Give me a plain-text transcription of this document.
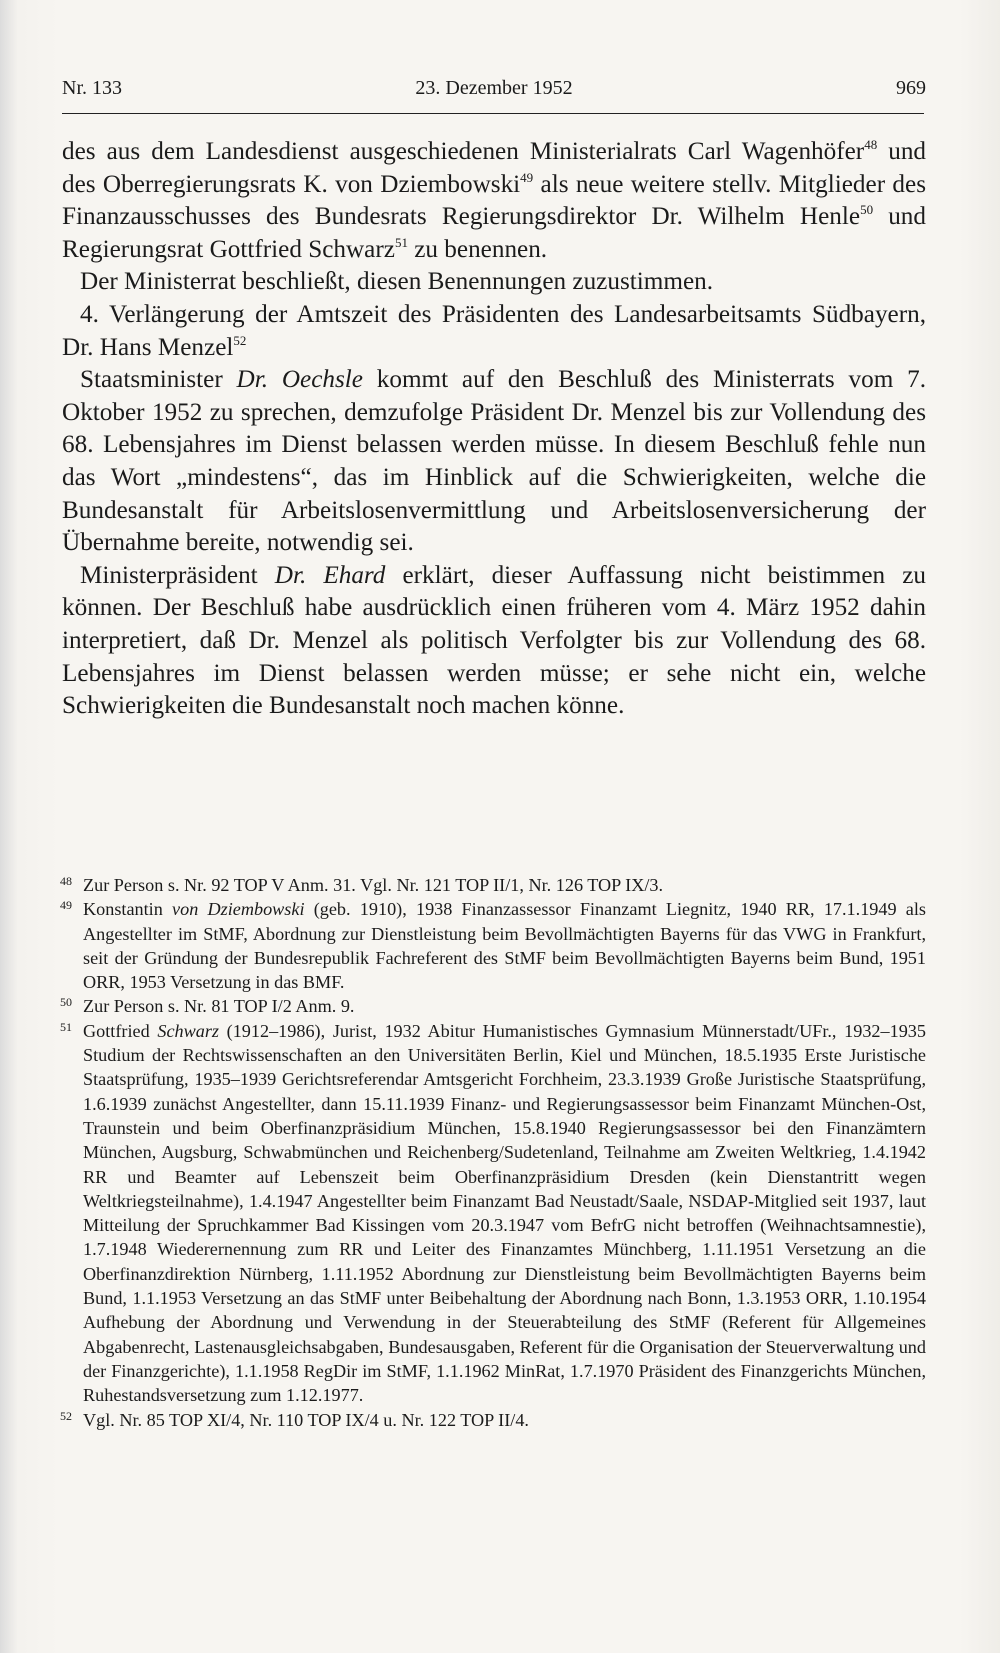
Nr. 133	23. Dezember 1952	969

des aus dem Landesdienst ausgeschiedenen Ministerialrats Carl Wagenhöfer$^{48}$ und des Oberregierungsrats K. von Dziembowski$^{49}$ als neue weitere stellv. Mitglieder des Finanzausschusses des Bundesrats Regierungsdirektor Dr. Wilhelm Henle$^{50}$ und Regierungsrat Gottfried Schwarz$^{51}$ zu benennen.

Der Ministerrat beschließt, diesen Benennungen zuzustimmen.

4. Verlängerung der Amtszeit des Präsidenten des Landesarbeitsamts Südbayern, Dr. Hans Menzel$^{52}$

Staatsminister Dr. Oechsle kommt auf den Beschluß des Ministerrats vom 7. Oktober 1952 zu sprechen, demzufolge Präsident Dr. Menzel bis zur Vollendung des 68. Lebensjahres im Dienst belassen werden müsse. In diesem Beschluß fehle nun das Wort „mindestens“, das im Hinblick auf die Schwierigkeiten, welche die Bundesanstalt für Arbeitslosenvermittlung und Arbeitslosenversicherung der Übernahme bereite, notwendig sei.

Ministerpräsident Dr. Ehard erklärt, dieser Auffassung nicht beistimmen zu können. Der Beschluß habe ausdrücklich einen früheren vom 4. März 1952 dahin interpretiert, daß Dr. Menzel als politisch Verfolgter bis zur Vollendung des 68. Lebensjahres im Dienst belassen werden müsse; er sehe nicht ein, welche Schwierigkeiten die Bundesanstalt noch machen könne.

48 Zur Person s. Nr. 92 TOP V Anm. 31. Vgl. Nr. 121 TOP II/1, Nr. 126 TOP IX/3.
49 Konstantin von Dziembowski (geb. 1910), 1938 Finanzassessor Finanzamt Liegnitz, 1940 RR, 17.1.1949 als Angestellter im StMF, Abordnung zur Dienstleistung beim Bevollmächtigten Bayerns für das VWG in Frankfurt, seit der Gründung der Bundesrepublik Fachreferent des StMF beim Bevollmächtigten Bayerns beim Bund, 1951 ORR, 1953 Versetzung in das BMF.
50 Zur Person s. Nr. 81 TOP I/2 Anm. 9.
51 Gottfried Schwarz (1912–1986), Jurist, 1932 Abitur Humanistisches Gymnasium Münnerstadt/UFr., 1932–1935 Studium der Rechtswissenschaften an den Universitäten Berlin, Kiel und München, 18.5.1935 Erste Juristische Staatsprüfung, 1935–1939 Gerichtsreferendar Amtsgericht Forchheim, 23.3.1939 Große Juristische Staatsprüfung, 1.6.1939 zunächst Angestellter, dann 15.11.1939 Finanz- und Regierungsassessor beim Finanzamt München-Ost, Traunstein und beim Oberfinanzpräsidium München, 15.8.1940 Regierungsassessor bei den Finanzämtern München, Augsburg, Schwabmünchen und Reichenberg/Sudetenland, Teilnahme am Zweiten Weltkrieg, 1.4.1942 RR und Beamter auf Lebenszeit beim Oberfinanzpräsidium Dresden (kein Dienstantritt wegen Weltkriegsteilnahme), 1.4.1947 Angestellter beim Finanzamt Bad Neustadt/Saale, NSDAP-Mitglied seit 1937, laut Mitteilung der Spruchkammer Bad Kissingen vom 20.3.1947 vom BefrG nicht betroffen (Weihnachtsamnestie), 1.7.1948 Wiederernennung zum RR und Leiter des Finanzamtes Münchberg, 1.11.1951 Versetzung an die Oberfinanzdirektion Nürnberg, 1.11.1952 Abordnung zur Dienstleistung beim Bevollmächtigten Bayerns beim Bund, 1.1.1953 Versetzung an das StMF unter Beibehaltung der Abordnung nach Bonn, 1.3.1953 ORR, 1.10.1954 Aufhebung der Abordnung und Verwendung in der Steuerabteilung des StMF (Referent für Allgemeines Abgabenrecht, Lastenausgleichsabgaben, Bundesausgaben, Referent für die Organisation der Steuerverwaltung und der Finanzgerichte), 1.1.1958 RegDir im StMF, 1.1.1962 MinRat, 1.7.1970 Präsident des Finanzgerichts München, Ruhestandsversetzung zum 1.12.1977.
52 Vgl. Nr. 85 TOP XI/4, Nr. 110 TOP IX/4 u. Nr. 122 TOP II/4.
